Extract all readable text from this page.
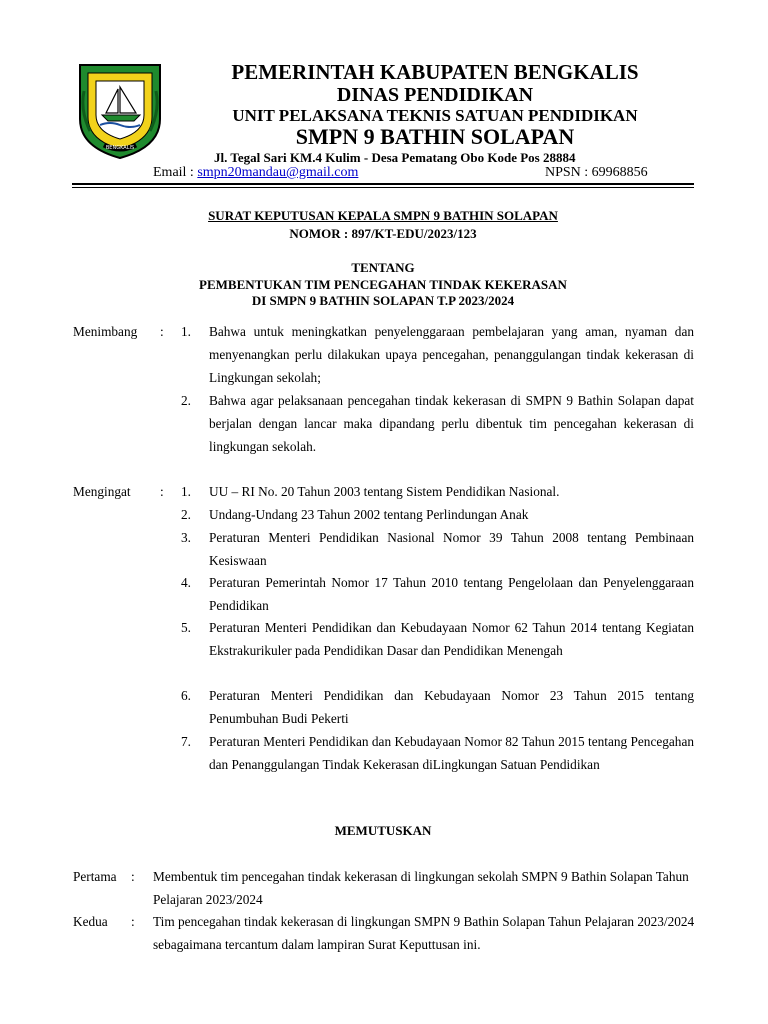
BENGKALIS
PEMERINTAH KABUPATEN BENGKALIS
DINAS PENDIDIKAN
UNIT PELAKSANA TEKNIS SATUAN PENDIDIKAN
SMPN 9 BATHIN SOLAPAN
Jl. Tegal Sari KM.4 Kulim - Desa Pematang Obo Kode Pos 28884
Email : smpn20mandau@gmail.com	NPSN : 69968856
SURAT KEPUTUSAN KEPALA SMPN 9 BATHIN SOLAPAN
NOMOR : 897/KT-EDU/2023/123
TENTANG
PEMBENTUKAN TIM PENCEGAHAN TINDAK KEKERASAN
DI SMPN 9 BATHIN SOLAPAN T.P 2023/2024
Menimbang : 1. Bahwa untuk meningkatkan penyelenggaraan pembelajaran yang aman, nyaman dan menyenangkan perlu dilakukan upaya pencegahan, penanggulangan tindak kekerasan di Lingkungan sekolah;
2. Bahwa agar pelaksanaan pencegahan tindak kekerasan di SMPN 9 Bathin Solapan dapat berjalan dengan lancar maka dipandang perlu dibentuk tim pencegahan kekerasan di lingkungan sekolah.
Mengingat : 1. UU – RI No. 20 Tahun 2003 tentang Sistem Pendidikan Nasional.
2. Undang-Undang 23 Tahun 2002 tentang Perlindungan Anak
3. Peraturan Menteri Pendidikan Nasional Nomor 39 Tahun 2008 tentang Pembinaan Kesiswaan
4. Peraturan Pemerintah Nomor 17 Tahun 2010 tentang Pengelolaan dan Penyelenggaraan Pendidikan
5. Peraturan Menteri Pendidikan dan Kebudayaan Nomor 62 Tahun 2014 tentang Kegiatan Ekstrakurikuler pada Pendidikan Dasar dan Pendidikan Menengah
6. Peraturan Menteri Pendidikan dan Kebudayaan Nomor 23 Tahun 2015 tentang Penumbuhan Budi Pekerti
7. Peraturan Menteri Pendidikan dan Kebudayaan Nomor 82 Tahun 2015 tentang Pencegahan dan Penanggulangan Tindak Kekerasan diLingkungan Satuan Pendidikan
MEMUTUSKAN
Pertama : Membentuk tim pencegahan tindak kekerasan di lingkungan sekolah SMPN 9 Bathin Solapan Tahun Pelajaran 2023/2024
Kedua : Tim pencegahan tindak kekerasan di lingkungan SMPN 9 Bathin Solapan Tahun Pelajaran 2023/2024 sebagaimana tercantum dalam lampiran Surat Keputtusan ini.
